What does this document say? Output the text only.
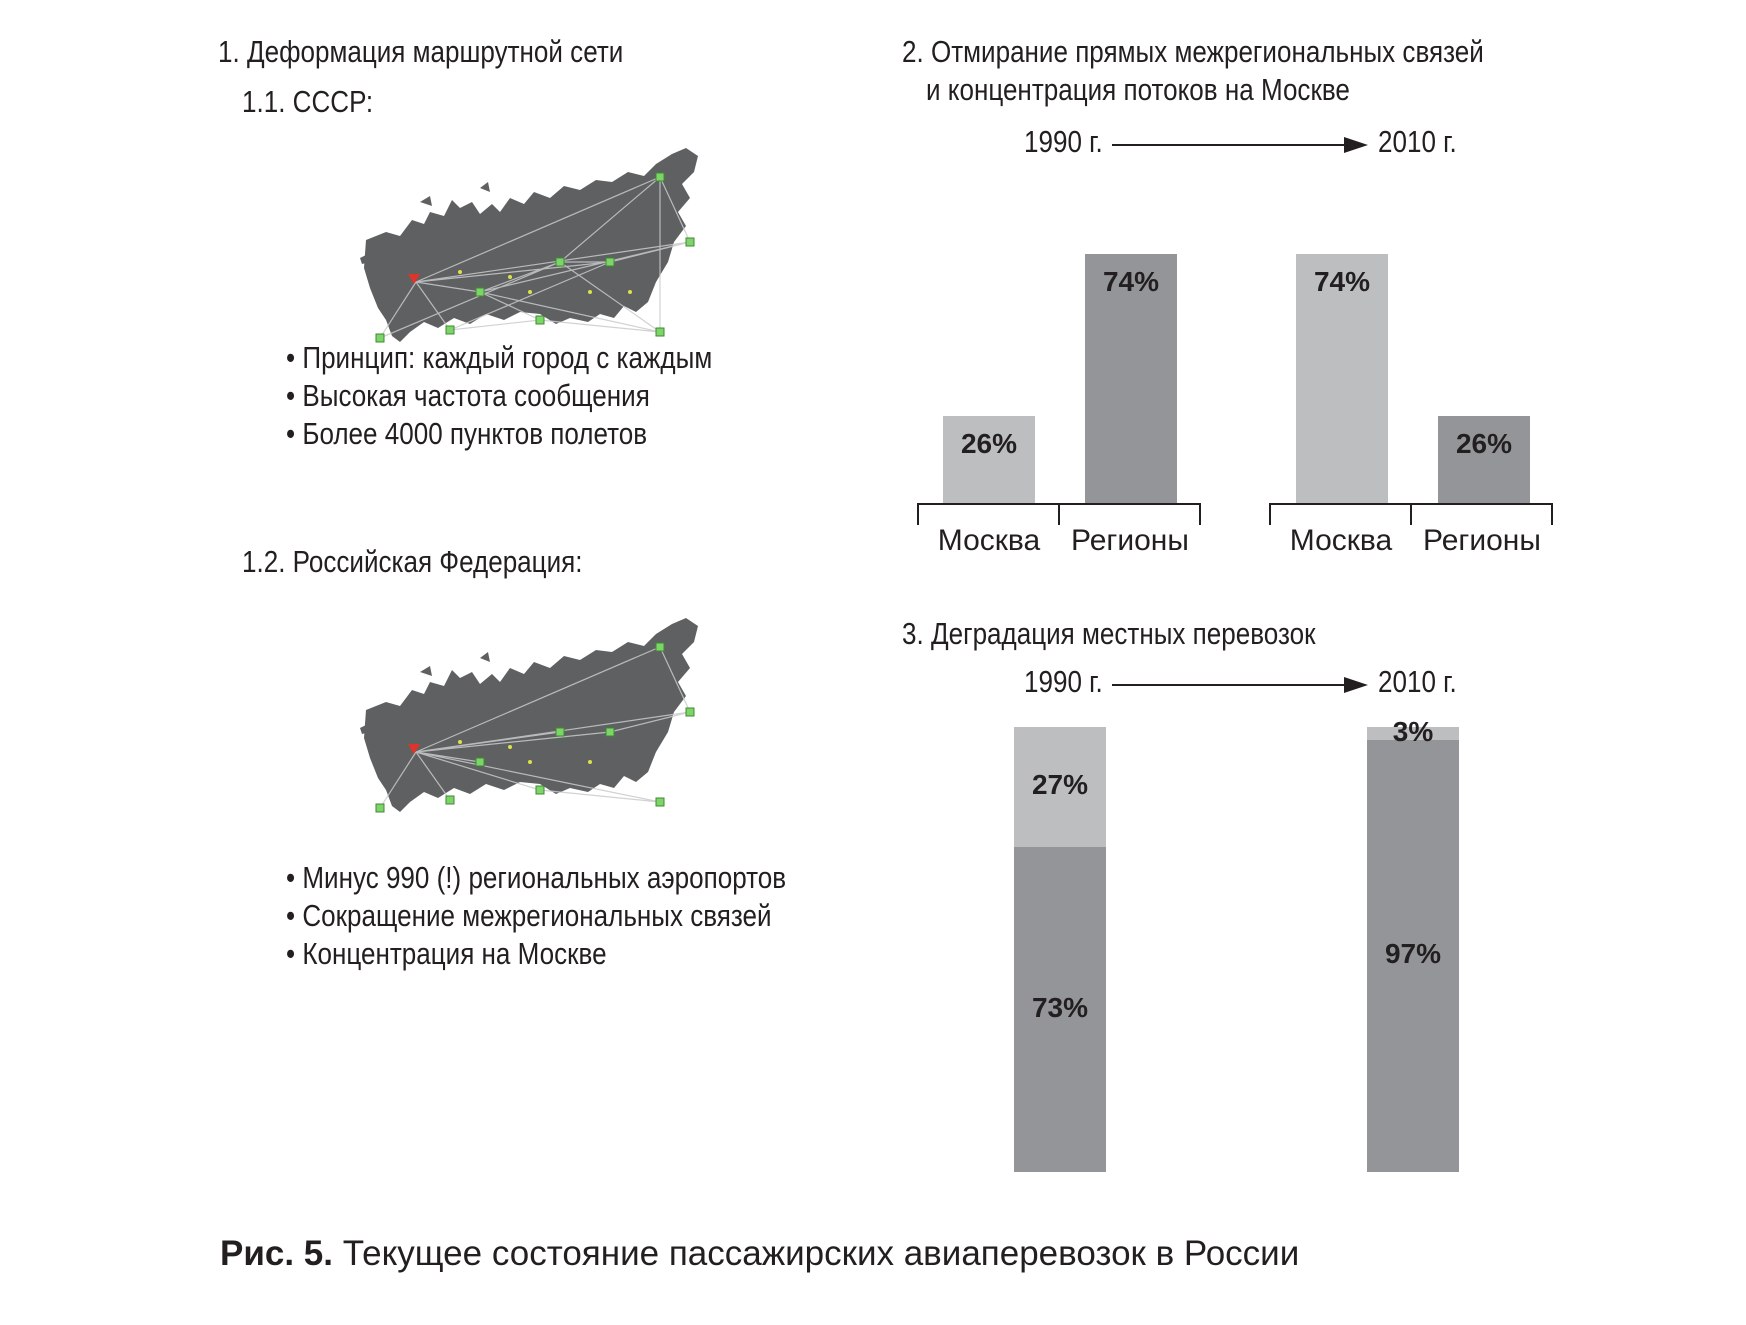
1. Деформация маршрутной сети
1.1. СССР:
• Принцип: каждый город с каждым
• Высокая частота сообщения
• Более 4000 пунктов полетов
1.2. Российская Федерация:
• Минус 990 (!) региональных аэропортов
• Сокращение межрегиональных связей
• Концентрация на Москве
2. Отмирание прямых межрегиональных связей
и концентрация потоков на Москве
1990 г.	2010 г.
26%
74%
Москва	Регионы
74%
26%
Москва	Регионы
3. Деградация местных перевозок
1990 г.	2010 г.
73%
27%
97%
3%
Рис. 5. Текущее состояние пассажирских авиаперевозок в России
